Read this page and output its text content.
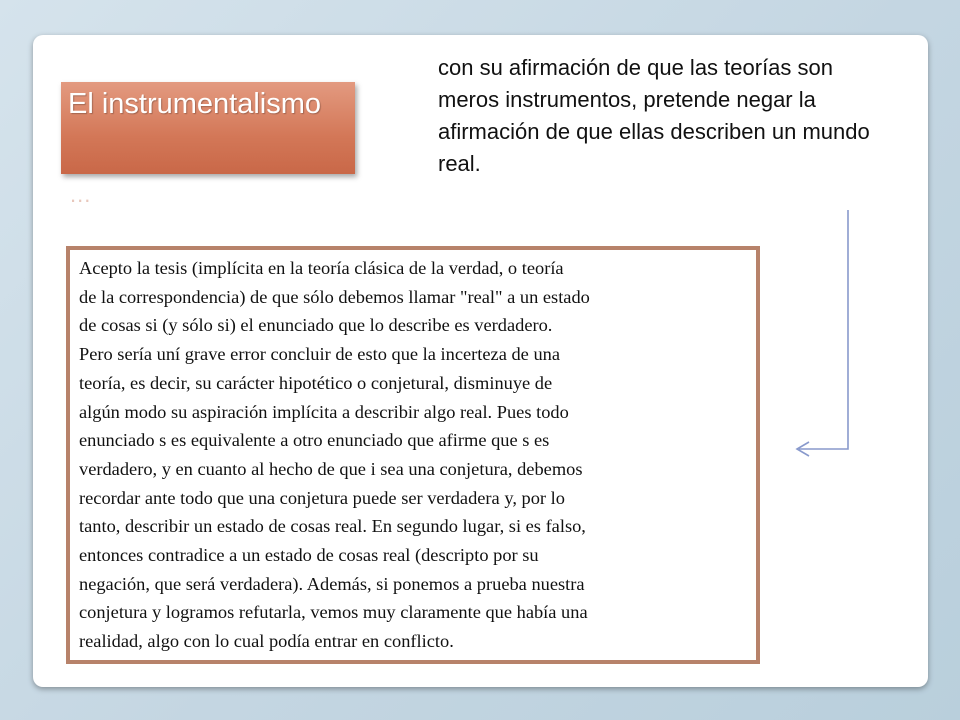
El instrumentalismo
...
con su afirmación de que las teorías son meros instrumentos, pretende negar la afirmación de que ellas describen un mundo real.

Acepto la tesis (implícita en la teoría clásica de la verdad, o teoría
de la correspondencia) de que sólo debemos llamar "real" a un estado
de cosas si (y sólo si) el enunciado que lo describe es verdadero.
Pero sería uní grave error concluir de esto que la incerteza de una
teoría, es decir, su carácter hipotético o conjetural, disminuye de
algún modo su aspiración implícita a describir algo real. Pues todo
enunciado s es equivalente a otro enunciado que afirme que s es
verdadero, y en cuanto al hecho de que i sea una conjetura, debemos
recordar ante todo que una conjetura puede ser verdadera y, por lo
tanto, describir un estado de cosas real. En segundo lugar, si es falso,
entonces contradice a un estado de cosas real (descripto por su
negación, que será verdadera). Además, si ponemos a prueba nuestra
conjetura y logramos refutarla, vemos muy claramente que había una
realidad, algo con lo cual podía entrar en conflicto.
